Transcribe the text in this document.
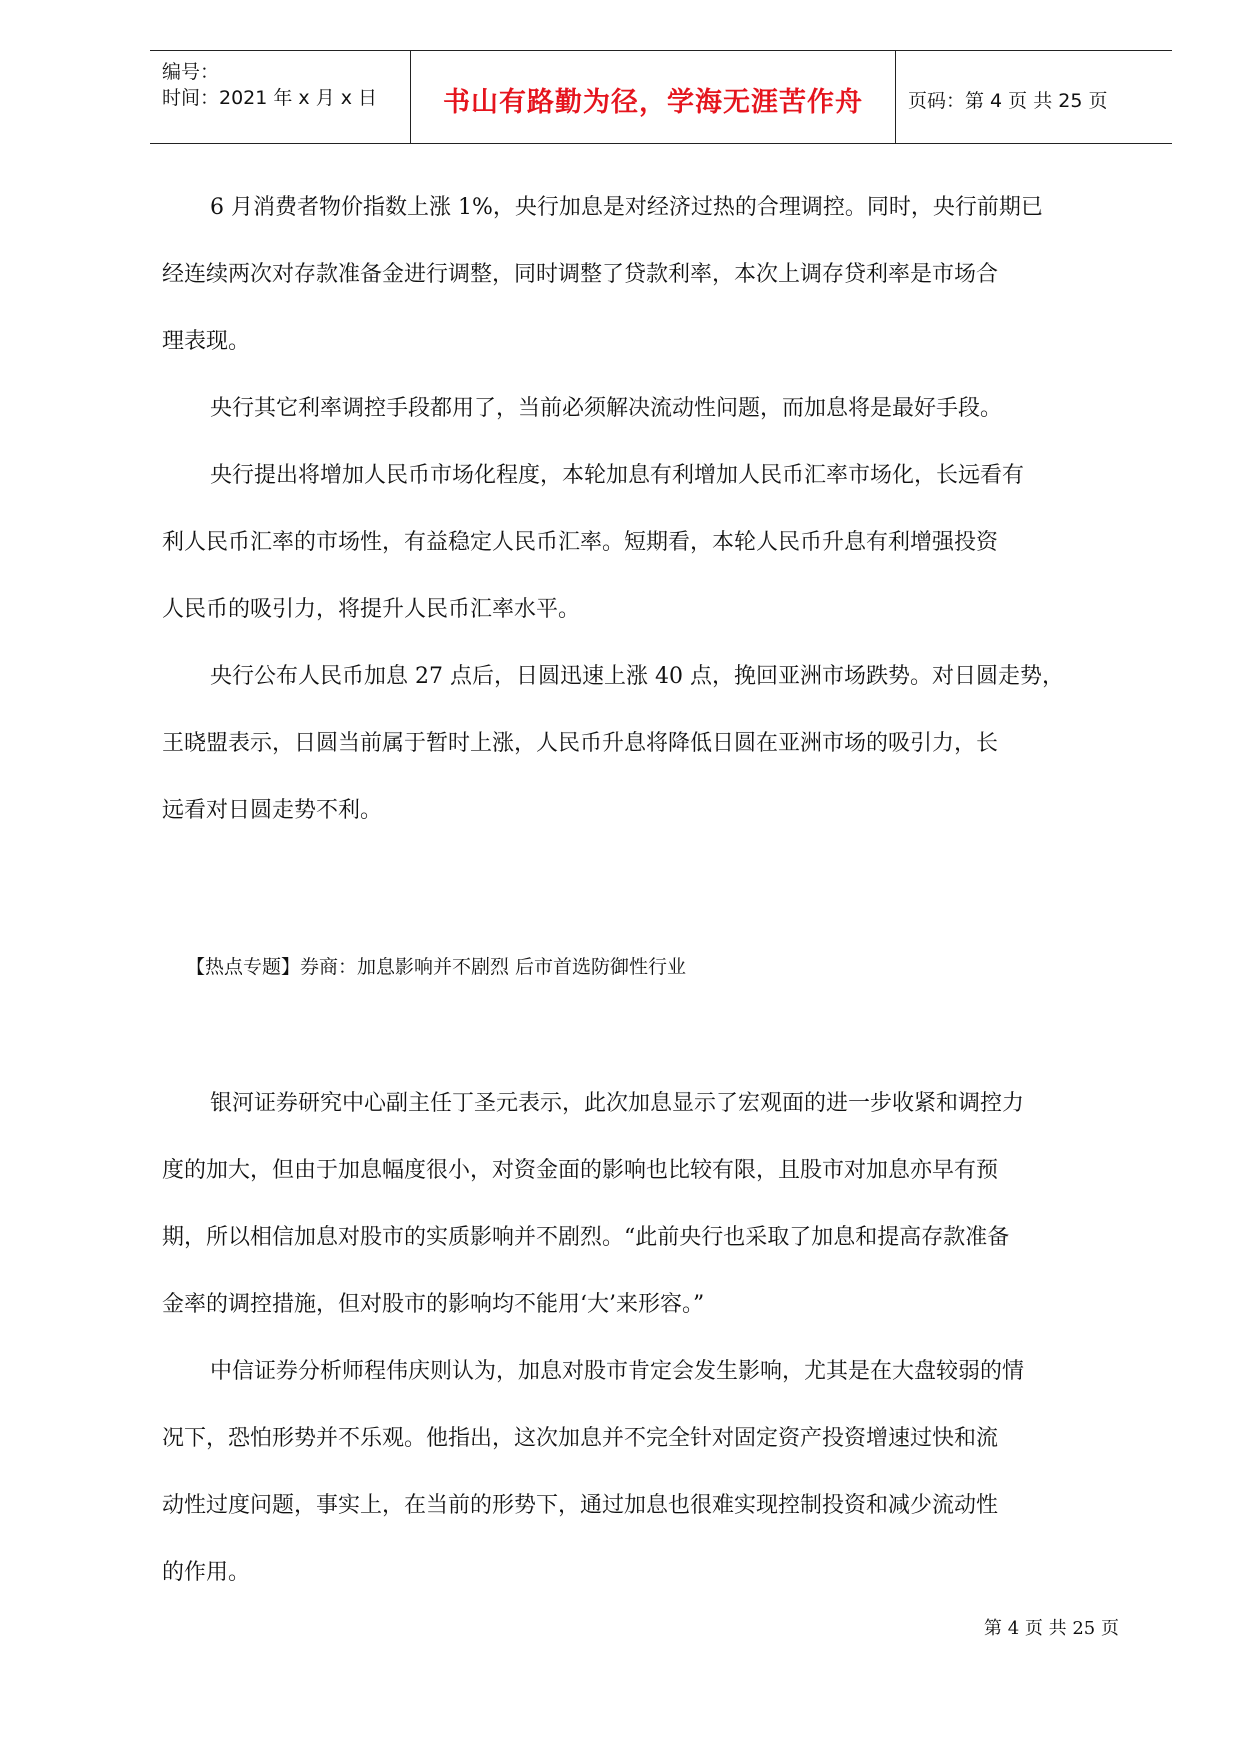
编号：
时间：2021 年 x 月 x 日 书山有路勤为径，学海无涯苦作舟 页码：第 4 页 共 25 页

6 月消费者物价指数上涨 1%，央行加息是对经济过热的合理调控。同时，央行前期已
经连续两次对存款准备金进行调整，同时调整了贷款利率，本次上调存贷利率是市场合
理表现。

央行其它利率调控手段都用了，当前必须解决流动性问题，而加息将是最好手段。

央行提出将增加人民币市场化程度，本轮加息有利增加人民币汇率市场化，长远看有
利人民币汇率的市场性，有益稳定人民币汇率。短期看，本轮人民币升息有利增强投资
人民币的吸引力，将提升人民币汇率水平。

央行公布人民币加息 27 点后，日圆迅速上涨 40 点，挽回亚洲市场跌势。对日圆走势，
王晓盟表示，日圆当前属于暂时上涨，人民币升息将降低日圆在亚洲市场的吸引力，长
远看对日圆走势不利。

【热点专题】券商：加息影响并不剧烈 后市首选防御性行业

银河证券研究中心副主任丁圣元表示，此次加息显示了宏观面的进一步收紧和调控力
度的加大，但由于加息幅度很小，对资金面的影响也比较有限，且股市对加息亦早有预
期，所以相信加息对股市的实质影响并不剧烈。“此前央行也采取了加息和提高存款准备
金率的调控措施，但对股市的影响均不能用‘大’来形容。”

中信证券分析师程伟庆则认为，加息对股市肯定会发生影响，尤其是在大盘较弱的情
况下，恐怕形势并不乐观。他指出，这次加息并不完全针对固定资产投资增速过快和流
动性过度问题，事实上，在当前的形势下，通过加息也很难实现控制投资和减少流动性
的作用。

第 4 页 共 25 页
